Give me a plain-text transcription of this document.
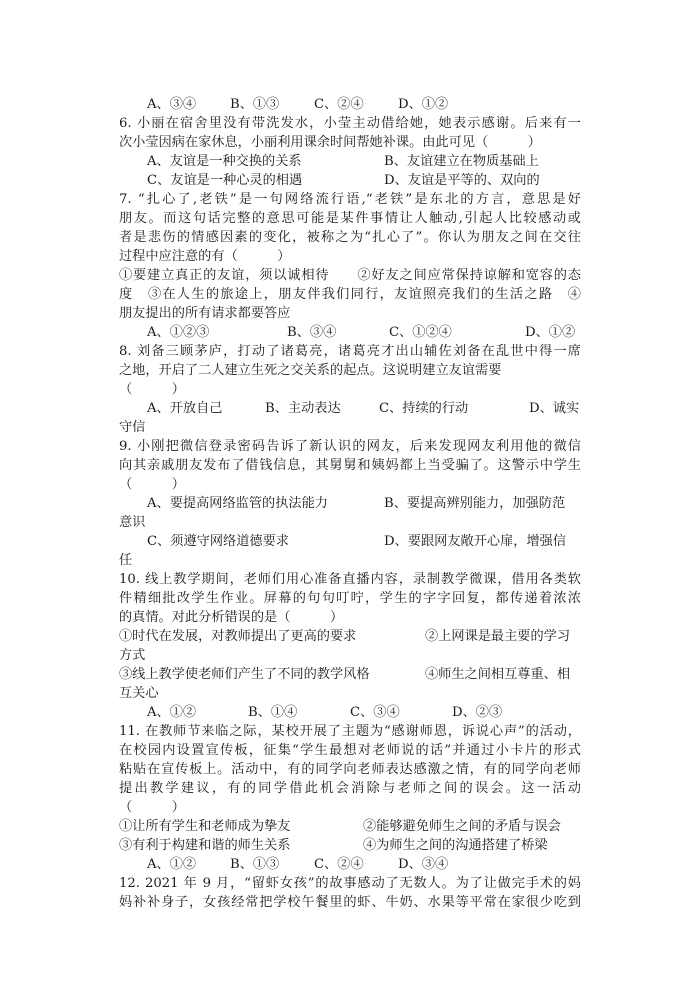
A、③④	B、①③	C、②④	D、①②
6. 小丽在宿舍里没有带洗发水，小莹主动借给她，她表示感谢。后来有一
次小莹因病在家休息，小丽利用课余时间帮她补课。由此可见（　　　）
A、友谊是一种交换的关系	B、友谊建立在物质基础上
C、友谊是一种心灵的相遇	D、友谊是平等的、双向的
7. “扎心了,老铁”是一句网络流行语,“老铁”是东北的方言，意思是好
朋友。而这句话完整的意思可能是某件事情让人触动,引起人比较感动或
者是悲伤的情感因素的变化，被称之为“扎心了”。你认为朋友之间在交往
过程中应注意的有（　　　）
①要建立真正的友谊，须以诚相待　　②好友之间应常保持谅解和宽容的态
度　③在人生的旅途上，朋友伴我们同行，友谊照亮我们的生活之路　④
朋友提出的所有请求都要答应
A、①②③	B、③④	C、①②④	D、①②
8. 刘备三顾茅庐，打动了诸葛亮，诸葛亮才出山辅佐刘备在乱世中得一席
之地，开启了二人建立生死之交关系的起点。这说明建立友谊需要
（　　　）
A、开放自己	B、主动表达	C、持续的行动	D、诚实
守信
9. 小刚把微信登录密码告诉了新认识的网友，后来发现网友利用他的微信
向其亲戚朋友发布了借钱信息，其舅舅和姨妈都上当受骗了。这警示中学生
（　　　）
A、要提高网络监管的执法能力	B、要提高辨别能力，加强防范
意识
C、须遵守网络道德要求	D、要跟网友敞开心扉，增强信
任
10. 线上教学期间，老师们用心准备直播内容，录制教学微课，借用各类软
件精细批改学生作业。屏幕的句句叮咛，学生的字字回复，都传递着浓浓
的真情。对此分析错误的是（　　　）
①时代在发展，对教师提出了更高的要求	②上网课是最主要的学习
方式
③线上教学使老师们产生了不同的教学风格	④师生之间相互尊重、相
互关心
A、①②	B、①④	C、③④	D、②③
11. 在教师节来临之际，某校开展了主题为“感谢师恩，诉说心声”的活动，
在校园内设置宣传板，征集“学生最想对老师说的话”并通过小卡片的形式
粘贴在宣传板上。活动中，有的同学向老师表达感激之情，有的同学向老师
提出教学建议，有的同学借此机会消除与老师之间的误会。这一活动
（　　　）
①让所有学生和老师成为挚友	②能够避免师生之间的矛盾与误会
③有利于构建和谐的师生关系	④为师生之间的沟通搭建了桥梁
A、①②	B、①③	C、②④	D、③④
12. 2021 年 9 月，“留虾女孩”的故事感动了无数人。为了让做完手术的妈
妈补补身子，女孩经常把学校午餐里的虾、牛奶、水果等平常在家很少吃到
